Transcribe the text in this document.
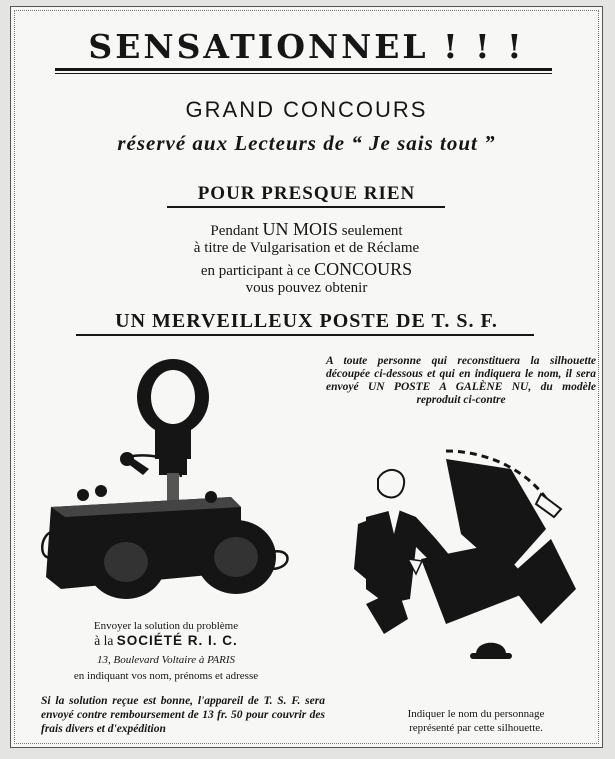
SENSATIONNEL ! ! !
GRAND CONCOURS
réservé aux Lecteurs de “ Je sais tout ”
POUR PRESQUE RIEN
Pendant UN MOIS seulement
à titre de Vulgarisation et de Réclame
en participant à ce CONCOURS
vous pouvez obtenir
UN MERVEILLEUX POSTE DE T. S. F.
A toute personne qui reconstituera la silhouette découpée ci-dessous et qui en indiquera le nom, il sera envoyé UN POSTE A GALÈNE NU, du modèle reproduit ci-contre
Envoyer la solution du problème
à la SOCIÉTÉ R. I. C.
13, Boulevard Voltaire à PARIS
en indiquant vos nom, prénoms et adresse
Si la solution reçue est bonne, l'appareil de T. S. F. sera envoyé contre remboursement de 13 fr. 50 pour couvrir des frais divers et d'expédition
Indiquer le nom du personnage
représenté par cette silhouette.
